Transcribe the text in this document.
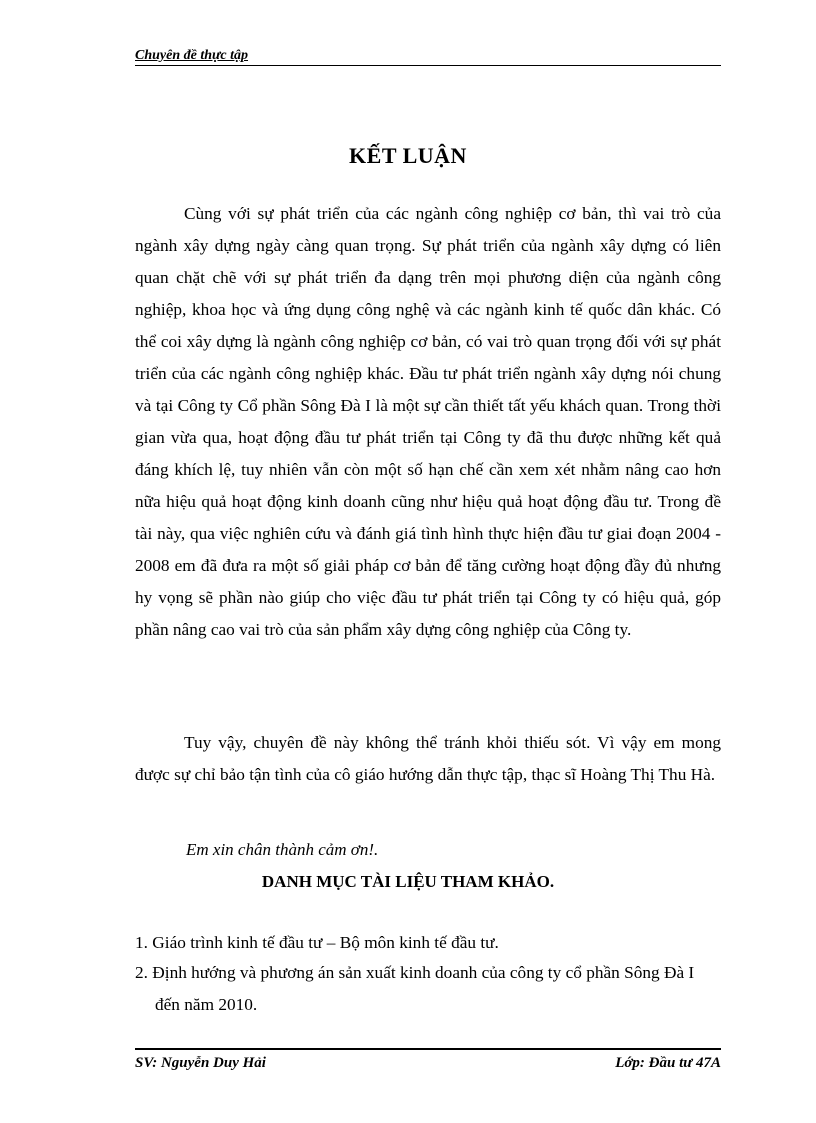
Chuyên đề thực tập
KẾT LUẬN

Cùng với sự phát triển của các ngành công nghiệp cơ bản, thì vai trò của ngành xây dựng ngày càng quan trọng. Sự phát triển của ngành xây dựng có liên quan chặt chẽ với sự phát triển đa dạng trên mọi phương diện của ngành công nghiệp, khoa học và ứng dụng công nghệ và các ngành kinh tế quốc dân khác. Có thể coi xây dựng là ngành công nghiệp cơ bản, có vai trò quan trọng đối với sự phát triển của các ngành công nghiệp khác. Đầu tư phát triển ngành xây dựng nói chung và tại Công ty Cổ phần Sông Đà I là một sự cần thiết tất yếu khách quan. Trong thời gian vừa qua, hoạt động đầu tư phát triển tại Công ty đã thu được những kết quả đáng khích lệ, tuy nhiên vẫn còn một số hạn chế cần xem xét nhằm nâng cao hơn nữa hiệu quả hoạt động kinh doanh cũng như hiệu quả hoạt động đầu tư. Trong đề tài này, qua việc nghiên cứu và đánh giá tình hình thực hiện đầu tư giai đoạn 2004 - 2008 em đã đưa ra một số giải pháp cơ bản để tăng cường hoạt động đầy đủ nhưng hy vọng sẽ phần nào giúp cho việc đầu tư phát triển tại Công ty có hiệu quả, góp phần nâng cao vai trò của sản phẩm xây dựng công nghiệp của Công ty.

Tuy vậy, chuyên đề này không thể tránh khỏi thiếu sót. Vì vậy em mong được sự chỉ bảo tận tình của cô giáo hướng dẫn thực tập, thạc sĩ Hoàng Thị Thu Hà.

Em xin chân thành cảm ơn!.
DANH MỤC TÀI LIỆU THAM KHẢO.
1. Giáo trình kinh tế đầu tư – Bộ môn kinh tế đầu tư.
2. Định hướng và phương án sản xuất kinh doanh của công ty cổ phần Sông Đà I đến năm 2010.
SV: Nguyễn Duy Hải	Lớp: Đầu tư 47A
